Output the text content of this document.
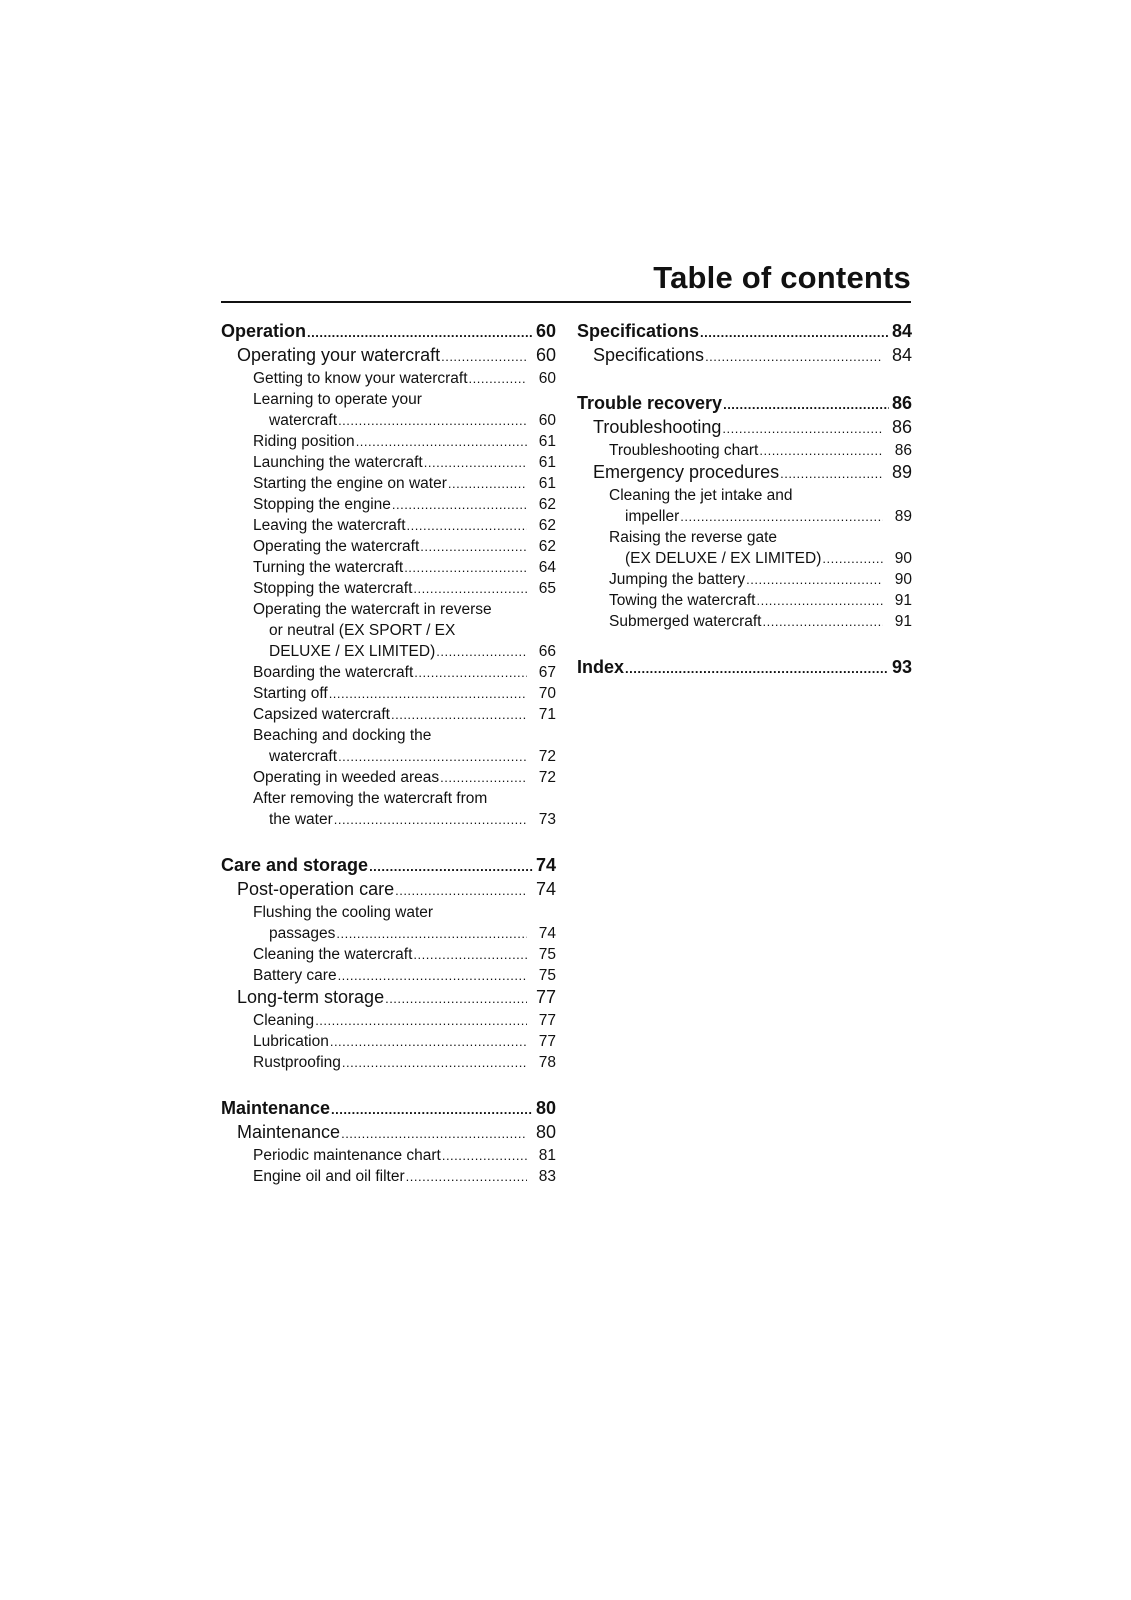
Table of contents
Operation .....	60
Operating your watercraft .....	60
Getting to know your watercraft .....	60
Learning to operate your
watercraft .....	60
Riding position .....	61
Launching the watercraft .....	61
Starting the engine on water .....	61
Stopping the engine .....	62
Leaving the watercraft .....	62
Operating the watercraft .....	62
Turning the watercraft .....	64
Stopping the watercraft .....	65
Operating the watercraft in reverse
or neutral (EX SPORT / EX
DELUXE / EX LIMITED) .....	66
Boarding the watercraft .....	67
Starting off .....	70
Capsized watercraft .....	71
Beaching and docking the
watercraft .....	72
Operating in weeded areas .....	72
After removing the watercraft from
the water .....	73
Care and storage .....	74
Post-operation care .....	74
Flushing the cooling water
passages .....	74
Cleaning the watercraft .....	75
Battery care .....	75
Long-term storage .....	77
Cleaning .....	77
Lubrication .....	77
Rustproofing .....	78
Maintenance .....	80
Maintenance .....	80
Periodic maintenance chart .....	81
Engine oil and oil filter .....	83
Specifications .....	84
Specifications .....	84
Trouble recovery .....	86
Troubleshooting .....	86
Troubleshooting chart .....	86
Emergency procedures .....	89
Cleaning the jet intake and
impeller .....	89
Raising the reverse gate
(EX DELUXE / EX LIMITED) .....	90
Jumping the battery .....	90
Towing the watercraft .....	91
Submerged watercraft .....	91
Index .....	93
